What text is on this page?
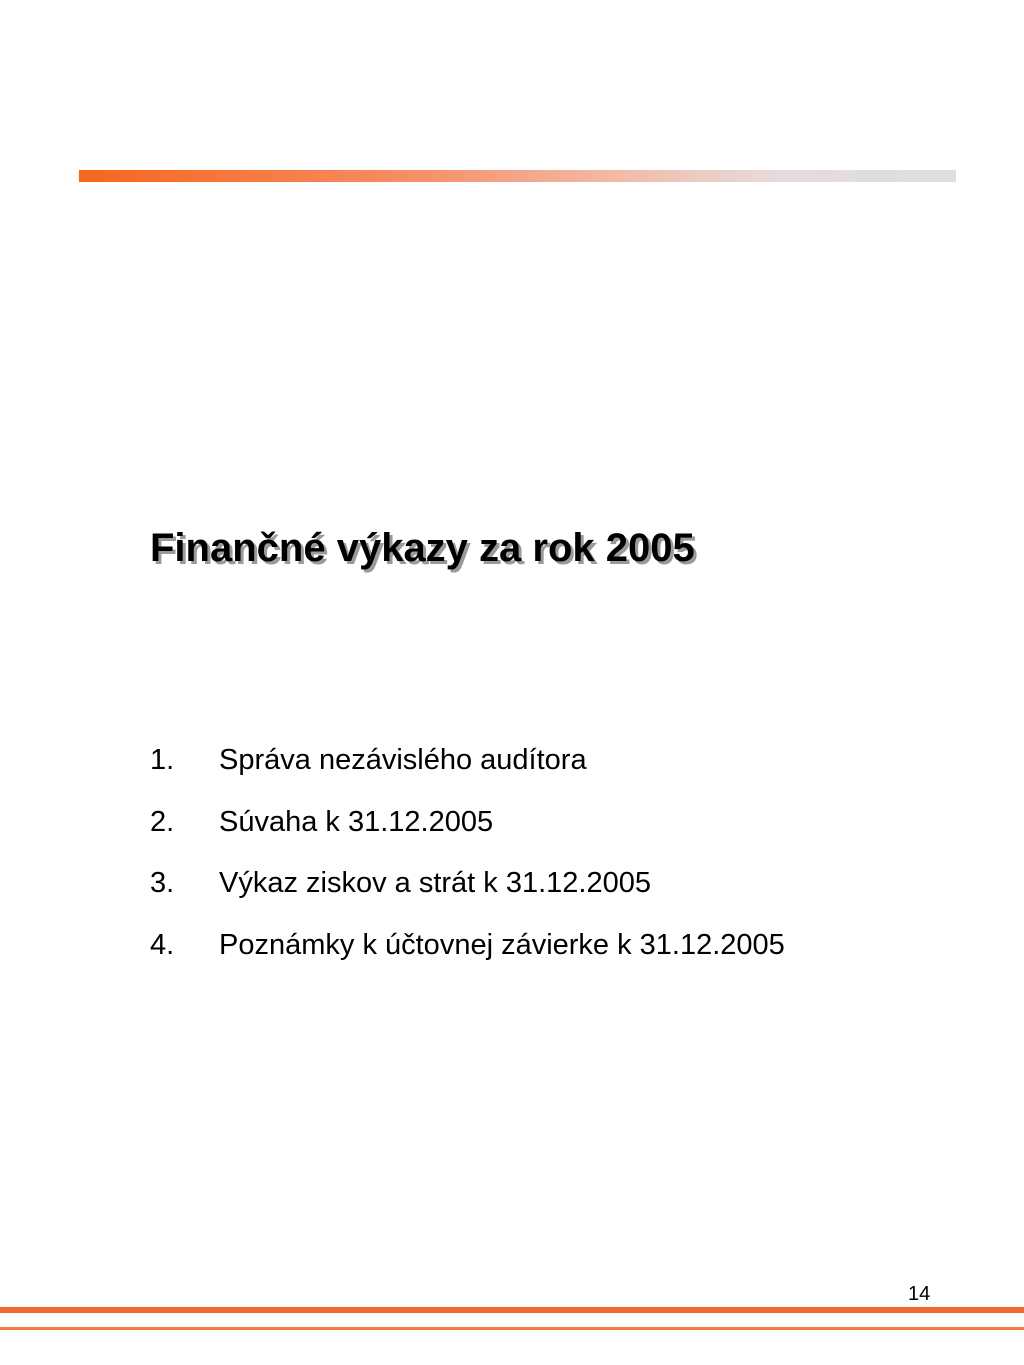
Finančné výkazy za rok 2005
1.	Správa nezávislého audítora
2.	Súvaha k 31.12.2005
3.	Výkaz ziskov a strát k 31.12.2005
4.	Poznámky k účtovnej závierke k 31.12.2005
14
